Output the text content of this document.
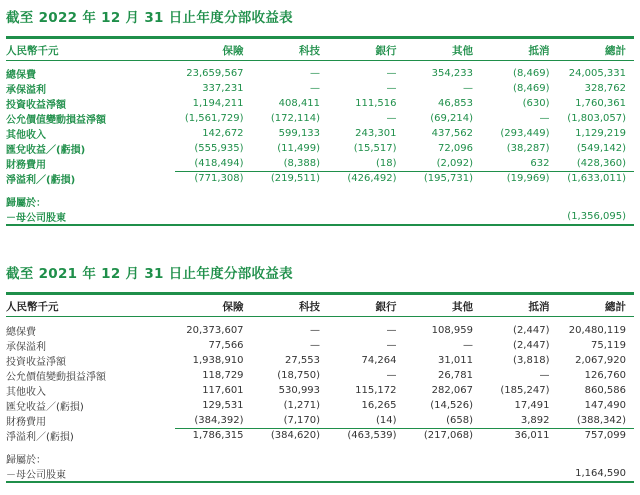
截至 2022 年 12 月 31 日止年度分部收益表

人民幣千元	保險	科技	銀行	其他	抵消	總計
總保費	23,659,567	—	—	354,233	(8,469)	24,005,331
承保溢利	337,231	—	—	—	(8,469)	328,762
投資收益淨額	1,194,211	408,411	111,516	46,853	(630)	1,760,361
公允價值變動損益淨額	(1,561,729)	(172,114)	—	(69,214)	—	(1,803,057)
其他收入	142,672	599,133	243,301	437,562	(293,449)	1,129,219
匯兌收益／(虧損)	(555,935)	(11,499)	(15,517)	72,096	(38,287)	(549,142)
財務費用	(418,494)	(8,388)	(18)	(2,092)	632	(428,360)
淨溢利／(虧損)	(771,308)	(219,511)	(426,492)	(195,731)	(19,969)	(1,633,011)

歸屬於：						
－母公司股東						(1,356,095)
截至 2021 年 12 月 31 日止年度分部收益表

人民幣千元	保險	科技	銀行	其他	抵消	總計
總保費	20,373,607	—	—	108,959	(2,447)	20,480,119
承保溢利	77,566	—	—	—	(2,447)	75,119
投資收益淨額	1,938,910	27,553	74,264	31,011	(3,818)	2,067,920
公允價值變動損益淨額	118,729	(18,750)	—	26,781	—	126,760
其他收入	117,601	530,993	115,172	282,067	(185,247)	860,586
匯兌收益／(虧損)	129,531	(1,271)	16,265	(14,526)	17,491	147,490
財務費用	(384,392)	(7,170)	(14)	(658)	3,892	(388,342)
淨溢利／(虧損)	1,786,315	(384,620)	(463,539)	(217,068)	36,011	757,099

歸屬於：						
－母公司股東						1,164,590
